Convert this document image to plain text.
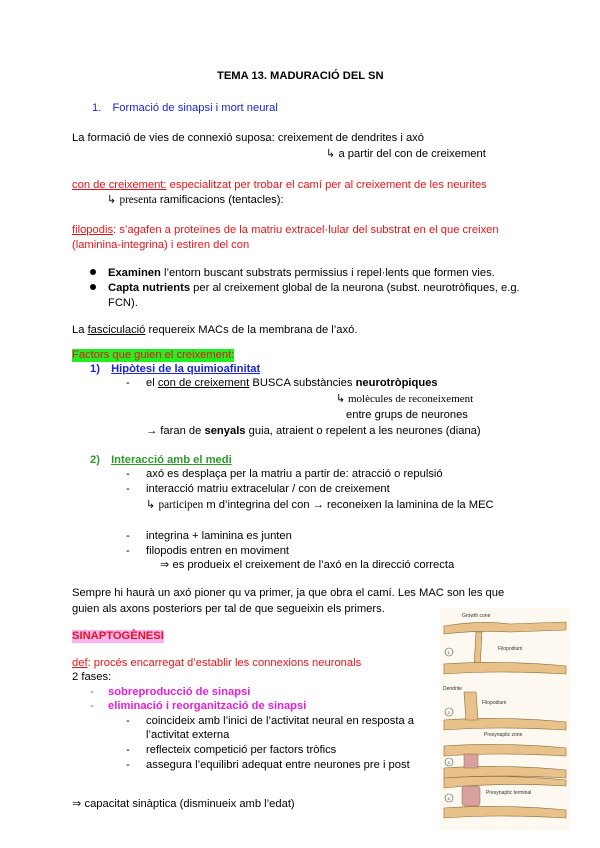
TEMA 13. MADURACIÓ DEL SN
1. Formació de sinapsi i mort neural
La formació de vies de connexió suposa: creixement de dendrites i axó
↳ a partir del con de creixement
con de creixement: especialitzat per trobar el camí per al creixement de les neurites
↳ presenta ramificacions (tentacles):
filopodis: s’agafen a proteïnes de la matriu extracel·lular del substrat en el que creixen
(laminina-integrina) i estiren del con
Examinen l’entorn buscant substrats permissius i repel·lents que formen vies.
Capta nutrients per al creixement global de la neurona (subst. neurotròfiques, e.g.
FCN).
La fasciculació requereix MACs de la membrana de l’axó.
Factors que guien el creixement:
1) Hipòtesi de la quimioafinitat
- el con de creixement BUSCA substàncies neurotròpiques
↳ molècules de reconeixement
entre grups de neurones
→ faran de senyals guia, atraient o repelent a les neurones (diana)
2) Interacció amb el medi
- axó es desplaça per la matriu a partir de: atracció o repulsió
- interacció matriu extracelular / con de creixement
↳ participen m d’integrina del con → reconeixen la laminina de la MEC
- integrina + laminina es junten
- filopodis entren en moviment
⇒ es produeix el creixement de l’axó en la direcció correcta
Sempre hi haurà un axó pioner qu va primer, ja que obra el camí. Les MAC son les que
guien als axons posteriors per tal de que segueixin els primers.
SINAPTOGÈNESI
def: procés encarregat d’establir les connexions neuronals
2 fases:
- sobreproducció de sinapsi
- eliminació i reorganització de sinapsi
- coincideix amb l’inici de l’activitat neural en resposta a
l’activitat externa
- reflecteix competició per factors tròfics
- assegura l’equilibri adequat entre neurones pre i post
⇒ capacitat sinàptica (disminueix amb l’edat)
Growth cone
Filopodium
Dendrite
Filopodium
Presynaptic zone
Presynaptic terminal
1
2
3
4
